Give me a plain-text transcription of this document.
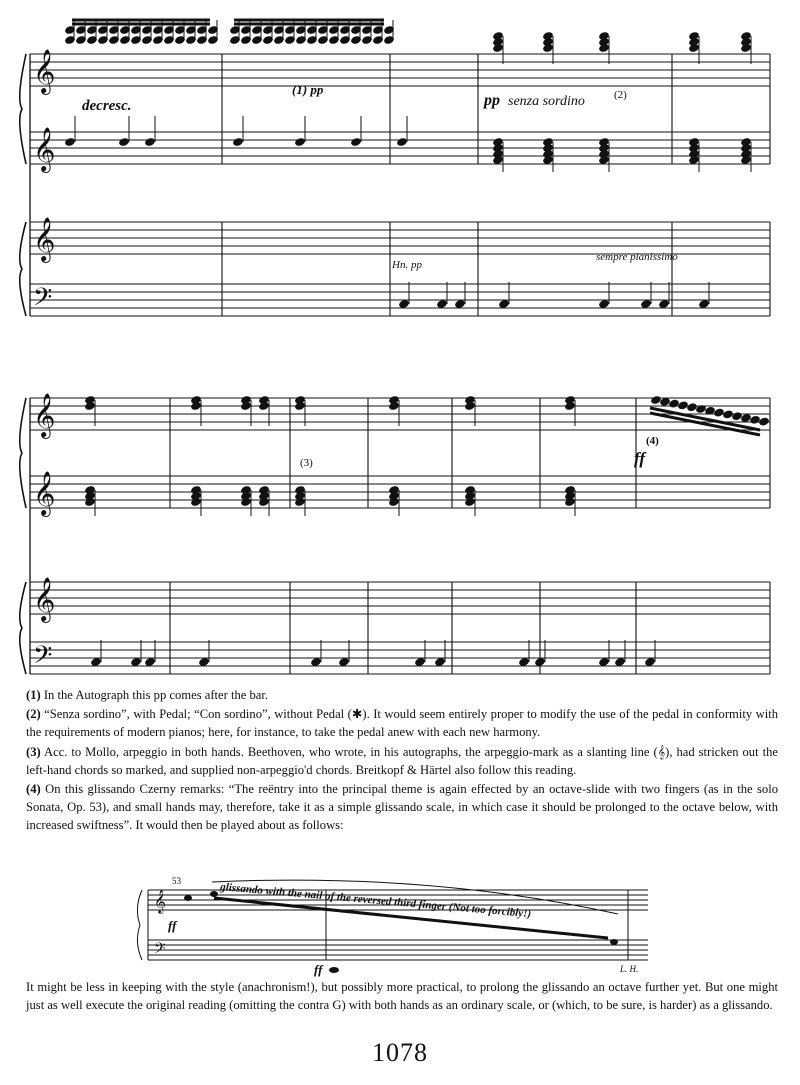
𝄞
𝄞
𝄞
𝄢
𝄞
𝄞
𝄞
𝄢
decresc.
(1) pp
pp senza sordino	(2)
Hn. pp
sempre pianissimo
(3)
(4)
ff

(1) In the Autograph this pp comes after the bar.

(2) “Senza sordino”, with Pedal; “Con sordino”, without Pedal (✱). It would seem entirely proper to modify the use of the pedal in conformity with the requirements of modern pianos; here, for instance, to take the pedal anew with each new harmony.

(3) Acc. to Mollo, arpeggio in both hands. Beethoven, who wrote, in his autographs, the arpeggio-mark as a slanting line (𝄞), had stricken out the left-hand chords so marked, and supplied non-arpeggio'd chords. Breitkopf & Härtel also follow this reading.

(4) On this glissando Czerny remarks: “The reëntry into the principal theme is again effected by an octave-slide with two fingers (as in the solo Sonata, Op. 53), and small hands may, therefore, take it as a simple glissando scale, in which case it should be prolonged to the octave below, with increased swiftness”. It would then be played about as follows:

𝄞
𝄢
53
glissando with the nail of the reversed third finger (Not too forcibly!)
ff
ff	L. H.
It might be less in keeping with the style (anachronism!), but possibly more practical, to prolong the glissando an octave further yet. But one might just as well execute the original reading (omitting the contra G) with both hands as an ordinary scale, or (which, to be sure, is harder) as a glissando.
1078
